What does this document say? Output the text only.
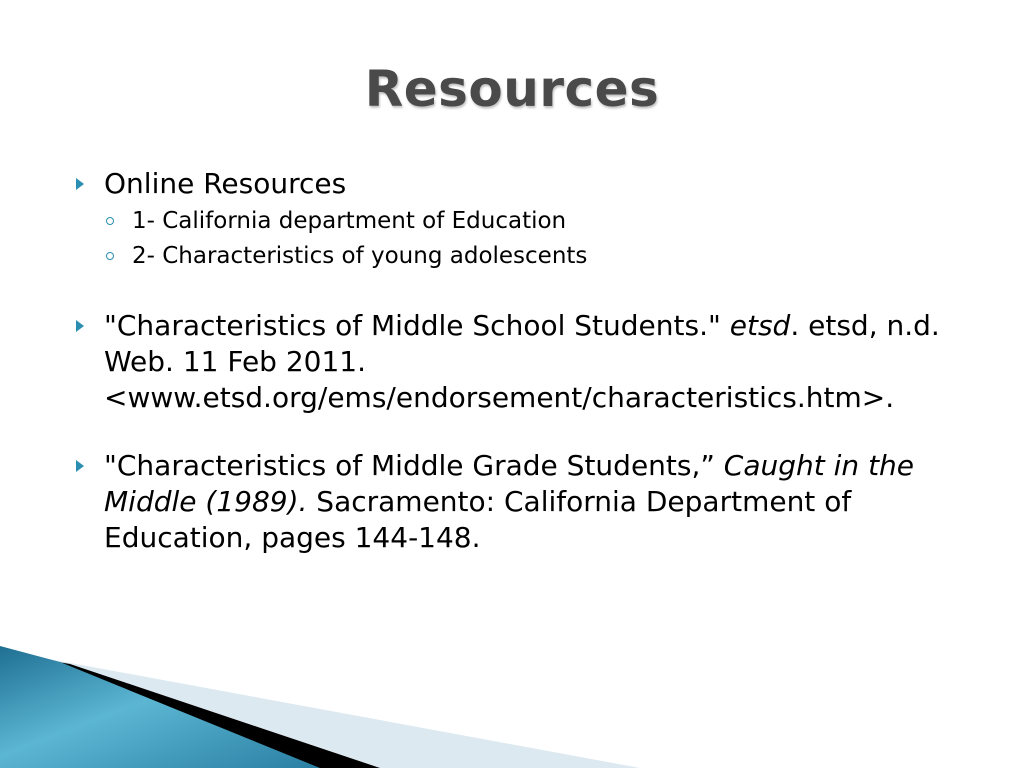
Resources
Online Resources
1- California department of Education
2- Characteristics of young adolescents
"Characteristics of Middle School Students." etsd. etsd, n.d. Web. 11 Feb 2011. <www.etsd.org/ems/endorsement/characteristics.htm>.
"Characteristics of Middle Grade Students,” Caught in the Middle (1989). Sacramento: California Department of Education, pages 144-148.
